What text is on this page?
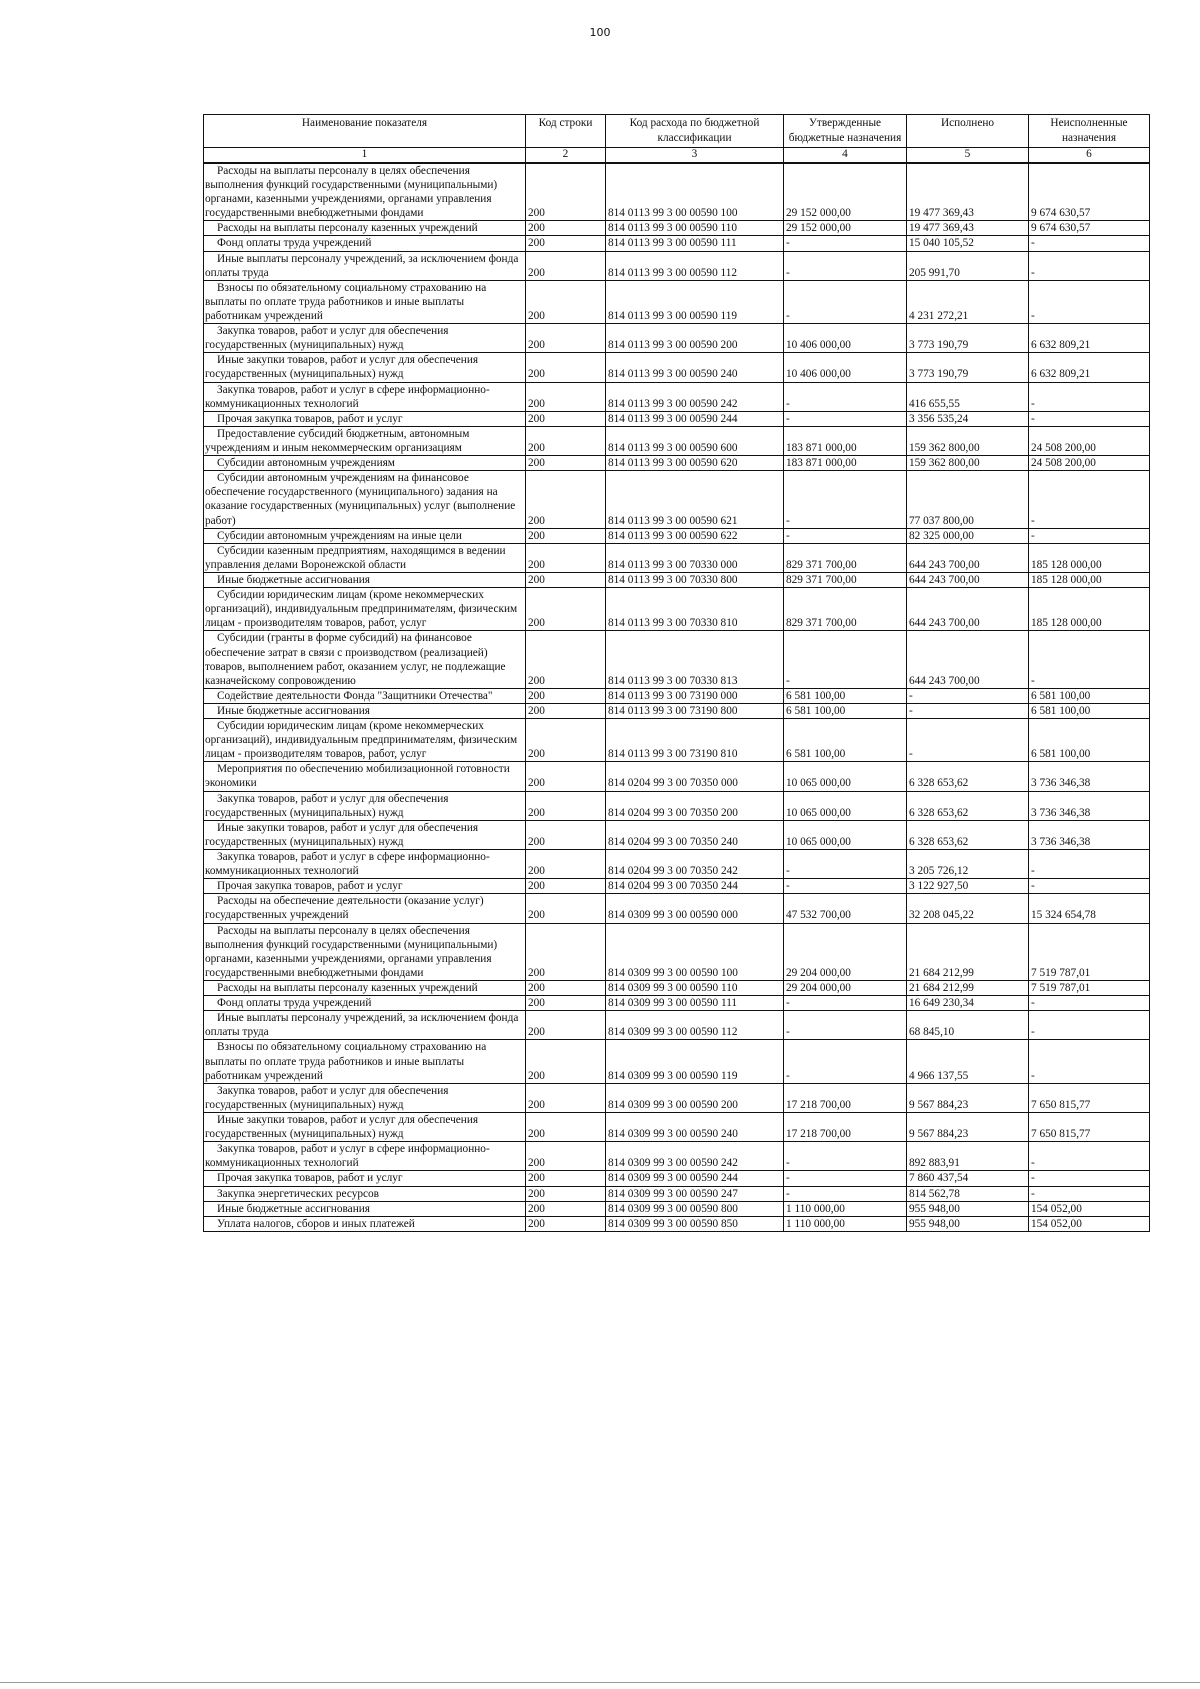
100
Наименование показателя	Код строки	Код расхода по бюджетной классификации	Утвержденные бюджетные назначения	Исполнено	Неисполненные назначения
1	2	3	4	5	6
Расходы на выплаты персоналу в целях обеспечения выполнения функций государственными (муниципальными) органами, казенными учреждениями, органами управления государственными внебюджетными фондами	200	814 0113 99 3 00 00590 100	29 152 000,00	19 477 369,43	9 674 630,57
Расходы на выплаты персоналу казенных учреждений	200	814 0113 99 3 00 00590 110	29 152 000,00	19 477 369,43	9 674 630,57
Фонд оплаты труда учреждений	200	814 0113 99 3 00 00590 111	-	15 040 105,52	-
Иные выплаты персоналу учреждений, за исключением фонда оплаты труда	200	814 0113 99 3 00 00590 112	-	205 991,70	-
Взносы по обязательному социальному страхованию на выплаты по оплате труда работников и иные выплаты работникам учреждений	200	814 0113 99 3 00 00590 119	-	4 231 272,21	-
Закупка товаров, работ и услуг для обеспечения государственных (муниципальных) нужд	200	814 0113 99 3 00 00590 200	10 406 000,00	3 773 190,79	6 632 809,21
Иные закупки товаров, работ и услуг для обеспечения государственных (муниципальных) нужд	200	814 0113 99 3 00 00590 240	10 406 000,00	3 773 190,79	6 632 809,21
Закупка товаров, работ и услуг в сфере информационно-коммуникационных технологий	200	814 0113 99 3 00 00590 242	-	416 655,55	-
Прочая закупка товаров, работ и услуг	200	814 0113 99 3 00 00590 244	-	3 356 535,24	-
Предоставление субсидий бюджетным, автономным учреждениям и иным некоммерческим организациям	200	814 0113 99 3 00 00590 600	183 871 000,00	159 362 800,00	24 508 200,00
Субсидии автономным учреждениям	200	814 0113 99 3 00 00590 620	183 871 000,00	159 362 800,00	24 508 200,00
Субсидии автономным учреждениям на финансовое обеспечение государственного (муниципального) задания на оказание государственных (муниципальных) услуг (выполнение работ)	200	814 0113 99 3 00 00590 621	-	77 037 800,00	-
Субсидии автономным учреждениям на иные цели	200	814 0113 99 3 00 00590 622	-	82 325 000,00	-
Субсидии казенным предприятиям, находящимся в ведении управления делами Воронежской области	200	814 0113 99 3 00 70330 000	829 371 700,00	644 243 700,00	185 128 000,00
Иные бюджетные ассигнования	200	814 0113 99 3 00 70330 800	829 371 700,00	644 243 700,00	185 128 000,00
Субсидии юридическим лицам (кроме некоммерческих организаций), индивидуальным предпринимателям, физическим лицам - производителям товаров, работ, услуг	200	814 0113 99 3 00 70330 810	829 371 700,00	644 243 700,00	185 128 000,00
Субсидии (гранты в форме субсидий) на финансовое обеспечение затрат в связи с производством (реализацией) товаров, выполнением работ, оказанием услуг, не подлежащие казначейскому сопровождению	200	814 0113 99 3 00 70330 813	-	644 243 700,00	-
Содействие деятельности Фонда "Защитники Отечества"	200	814 0113 99 3 00 73190 000	6 581 100,00	-	6 581 100,00
Иные бюджетные ассигнования	200	814 0113 99 3 00 73190 800	6 581 100,00	-	6 581 100,00
Субсидии юридическим лицам (кроме некоммерческих организаций), индивидуальным предпринимателям, физическим лицам - производителям товаров, работ, услуг	200	814 0113 99 3 00 73190 810	6 581 100,00	-	6 581 100,00
Мероприятия по обеспечению мобилизационной готовности экономики	200	814 0204 99 3 00 70350 000	10 065 000,00	6 328 653,62	3 736 346,38
Закупка товаров, работ и услуг для обеспечения государственных (муниципальных) нужд	200	814 0204 99 3 00 70350 200	10 065 000,00	6 328 653,62	3 736 346,38
Иные закупки товаров, работ и услуг для обеспечения государственных (муниципальных) нужд	200	814 0204 99 3 00 70350 240	10 065 000,00	6 328 653,62	3 736 346,38
Закупка товаров, работ и услуг в сфере информационно-коммуникационных технологий	200	814 0204 99 3 00 70350 242	-	3 205 726,12	-
Прочая закупка товаров, работ и услуг	200	814 0204 99 3 00 70350 244	-	3 122 927,50	-
Расходы на обеспечение деятельности (оказание услуг) государственных учреждений	200	814 0309 99 3 00 00590 000	47 532 700,00	32 208 045,22	15 324 654,78
Расходы на выплаты персоналу в целях обеспечения выполнения функций государственными (муниципальными) органами, казенными учреждениями, органами управления государственными внебюджетными фондами	200	814 0309 99 3 00 00590 100	29 204 000,00	21 684 212,99	7 519 787,01
Расходы на выплаты персоналу казенных учреждений	200	814 0309 99 3 00 00590 110	29 204 000,00	21 684 212,99	7 519 787,01
Фонд оплаты труда учреждений	200	814 0309 99 3 00 00590 111	-	16 649 230,34	-
Иные выплаты персоналу учреждений, за исключением фонда оплаты труда	200	814 0309 99 3 00 00590 112	-	68 845,10	-
Взносы по обязательному социальному страхованию на выплаты по оплате труда работников и иные выплаты работникам учреждений	200	814 0309 99 3 00 00590 119	-	4 966 137,55	-
Закупка товаров, работ и услуг для обеспечения государственных (муниципальных) нужд	200	814 0309 99 3 00 00590 200	17 218 700,00	9 567 884,23	7 650 815,77
Иные закупки товаров, работ и услуг для обеспечения государственных (муниципальных) нужд	200	814 0309 99 3 00 00590 240	17 218 700,00	9 567 884,23	7 650 815,77
Закупка товаров, работ и услуг в сфере информационно-коммуникационных технологий	200	814 0309 99 3 00 00590 242	-	892 883,91	-
Прочая закупка товаров, работ и услуг	200	814 0309 99 3 00 00590 244	-	7 860 437,54	-
Закупка энергетических ресурсов	200	814 0309 99 3 00 00590 247	-	814 562,78	-
Иные бюджетные ассигнования	200	814 0309 99 3 00 00590 800	1 110 000,00	955 948,00	154 052,00
Уплата налогов, сборов и иных платежей	200	814 0309 99 3 00 00590 850	1 110 000,00	955 948,00	154 052,00
